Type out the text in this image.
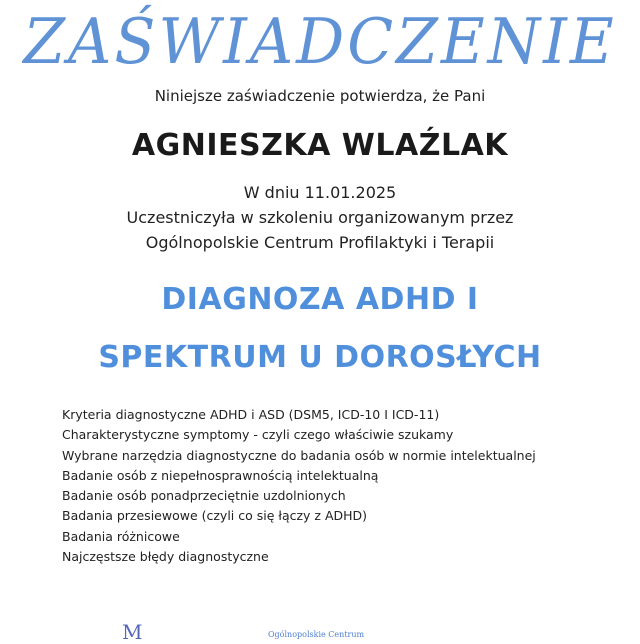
ZAŚWIADCZENIE
Niniejsze zaświadczenie potwierdza, że Pani
AGNIESZKA WLAŹLAK
W dniu 11.01.2025
Uczestniczyła w szkoleniu organizowanym przez
Ogólnopolskie Centrum Profilaktyki i Terapii
DIAGNOZA ADHD I
SPEKTRUM U DOROSŁYCH
Kryteria diagnostyczne ADHD i ASD (DSM5, ICD-10 I ICD-11)
Charakterystyczne symptomy - czyli czego właściwie szukamy
Wybrane narzędzia diagnostyczne do badania osób w normie intelektualnej
Badanie osób z niepełnosprawnością intelektualną
Badanie osób ponadprzeciętnie uzdolnionych
Badania przesiewowe (czyli co się łączy z ADHD)
Badania różnicowe
Najczęstsze błędy diagnostyczne
M	Ogólnopolskie Centrum
